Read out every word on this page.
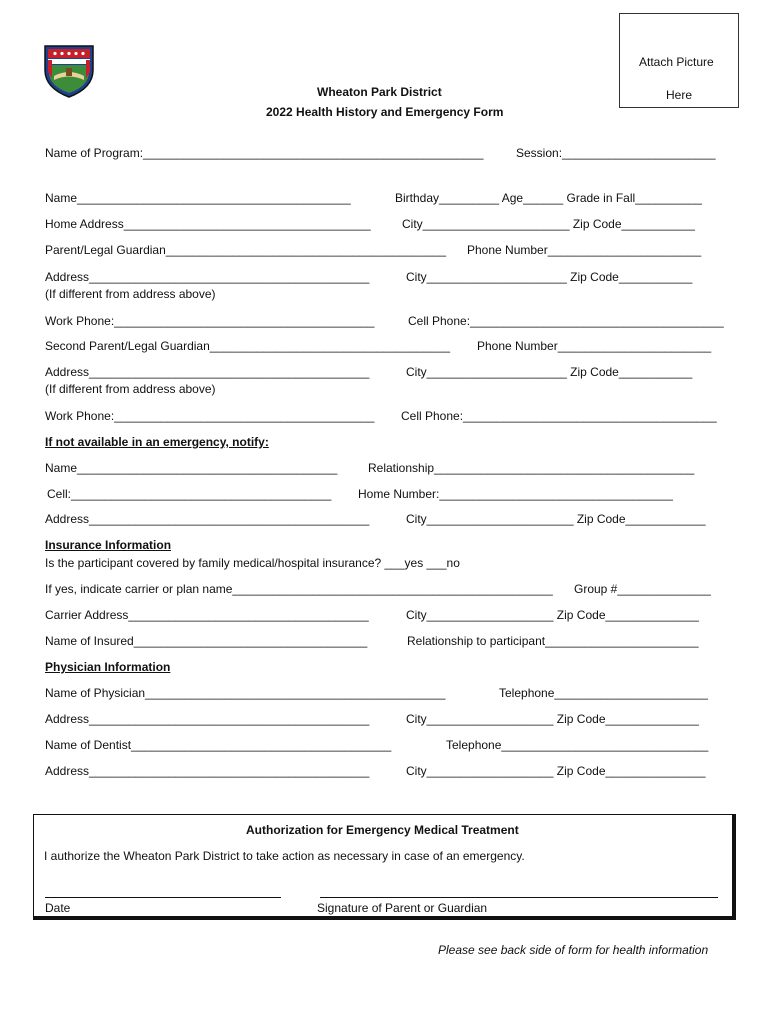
Wheaton Park District
2022 Health History and Emergency Form
Attach Picture
Here
Name of Program:___________________________________________________	Session:_______________________
Name_________________________________________	Birthday_________ Age______ Grade in Fall__________
Home Address_____________________________________	City______________________ Zip Code___________
Parent/Legal Guardian__________________________________________ Phone Number_______________________
Address__________________________________________	City_____________________ Zip Code___________
(If different from address above)
Work Phone:_______________________________________	Cell Phone:______________________________________
Second Parent/Legal Guardian____________________________________ Phone Number_______________________
Address__________________________________________	City_____________________ Zip Code___________
(If different from address above)
Work Phone:_______________________________________ Cell Phone:______________________________________
If not available in an emergency, notify:
Name_______________________________________	Relationship_______________________________________
Cell:_______________________________________ Home Number:___________________________________
Address__________________________________________	City______________________ Zip Code____________
Insurance Information
Is the participant covered by family medical/hospital insurance? ___yes ___no
If yes, indicate carrier or plan name________________________________________________ Group #______________
Carrier Address____________________________________	City___________________ Zip Code______________
Name of Insured___________________________________	Relationship to participant_______________________
Physician Information
Name of Physician_____________________________________________	Telephone_______________________
Address__________________________________________	City___________________ Zip Code______________
Name of Dentist_______________________________________	Telephone_______________________________
Address__________________________________________	City___________________ Zip Code_______________
Authorization for Emergency Medical Treatment
I authorize the Wheaton Park District to take action as necessary in case of an emergency.
Date	Signature of Parent or Guardian
Please see back side of form for health information
